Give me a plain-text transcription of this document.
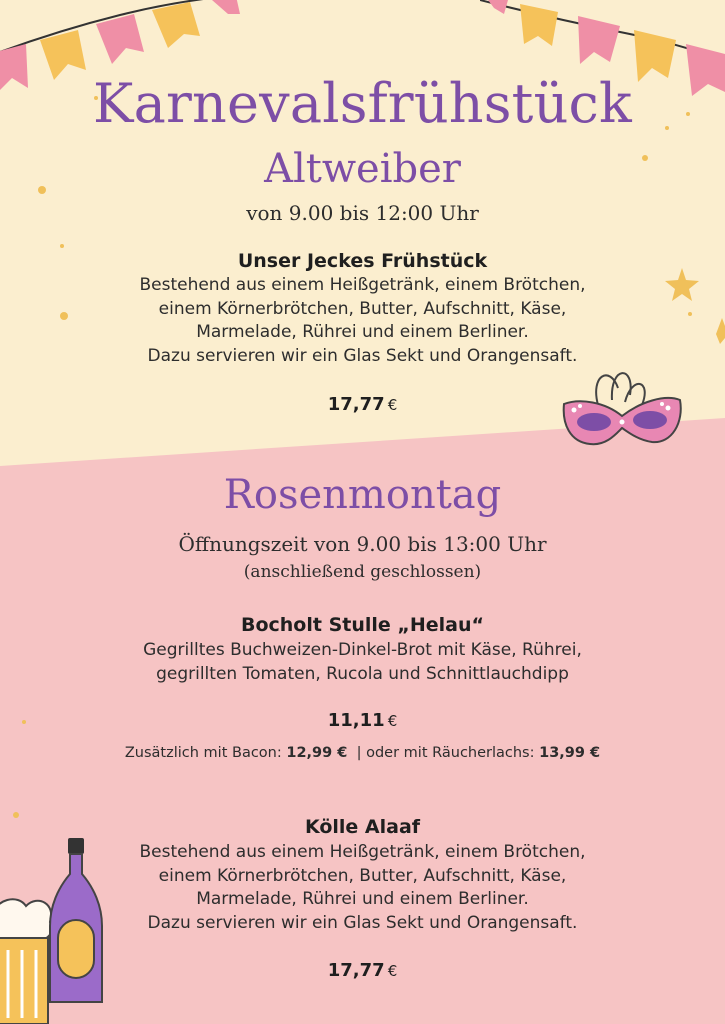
Karnevalsfrühstück
Altweiber
von 9.00 bis 12:00 Uhr
Unser Jeckes Frühstück
Bestehend aus einem Heißgetränk, einem Brötchen,
einem Körnerbrötchen, Butter, Aufschnitt, Käse,
Marmelade, Rührei und einem Berliner.
Dazu servieren wir ein Glas Sekt und Orangensaft.
17,77 €
Rosenmontag
Öffnungszeit von 9.00 bis 13:00 Uhr
(anschließend geschlossen)
Bocholt Stulle „Helau“
Gegrilltes Buchweizen-Dinkel-Brot mit Käse, Rührei,
gegrillten Tomaten, Rucola und Schnittlauchdipp
11,11 €
Zusätzlich mit Bacon: 12,99 € | oder mit Räucherlachs: 13,99 €
Kölle Alaaf
Bestehend aus einem Heißgetränk, einem Brötchen,
einem Körnerbrötchen, Butter, Aufschnitt, Käse,
Marmelade, Rührei und einem Berliner.
Dazu servieren wir ein Glas Sekt und Orangensaft.
17,77 €
